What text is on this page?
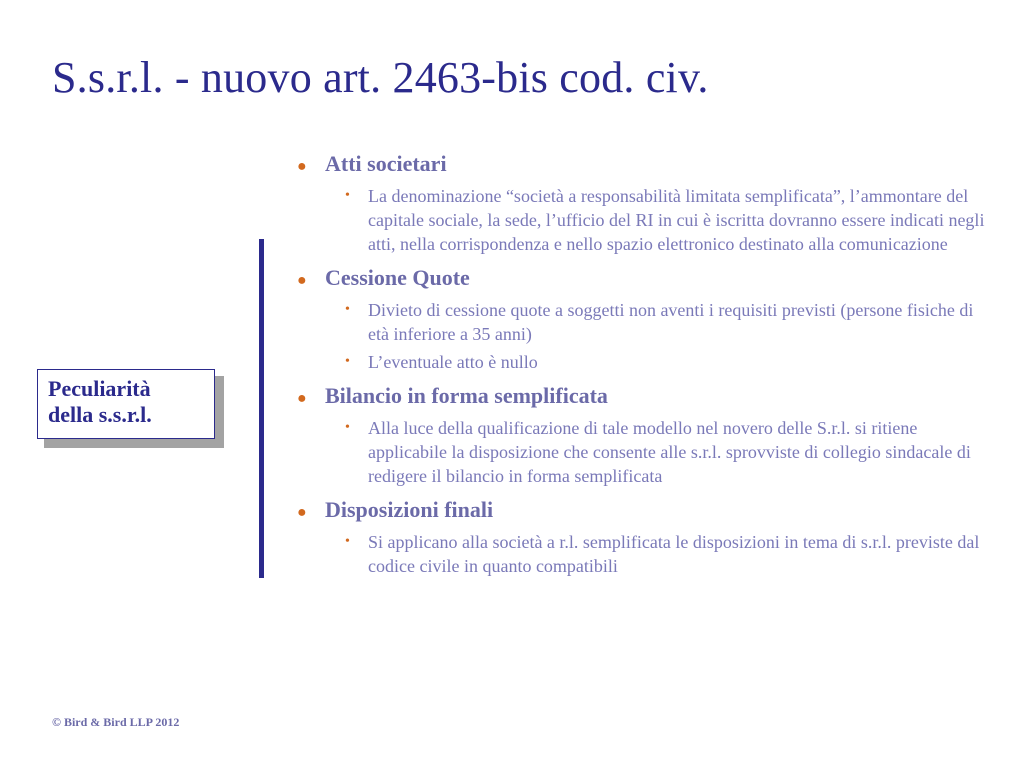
S.s.r.l. - nuovo art. 2463-bis cod. civ.
Peculiarità
della s.s.r.l.
● Atti societari
•	La denominazione “società a responsabilità limitata semplificata”, l’ammontare del capitale sociale, la sede, l’ufficio del RI in cui è iscritta dovranno essere indicati negli atti, nella corrispondenza e nello spazio elettronico destinato alla comunicazione
● Cessione Quote
•	Divieto di cessione quote a soggetti non aventi i requisiti previsti (persone fisiche di età inferiore a 35 anni)
•	L’eventuale atto è nullo
● Bilancio in forma semplificata
•	Alla luce della qualificazione di tale modello nel novero delle S.r.l. si ritiene applicabile la disposizione che consente alle s.r.l. sprovviste di collegio sindacale di redigere il bilancio in forma semplificata
● Disposizioni finali
•	Si applicano alla società a r.l. semplificata le disposizioni in tema di s.r.l. previste dal codice civile in quanto compatibili
© Bird & Bird LLP 2012
